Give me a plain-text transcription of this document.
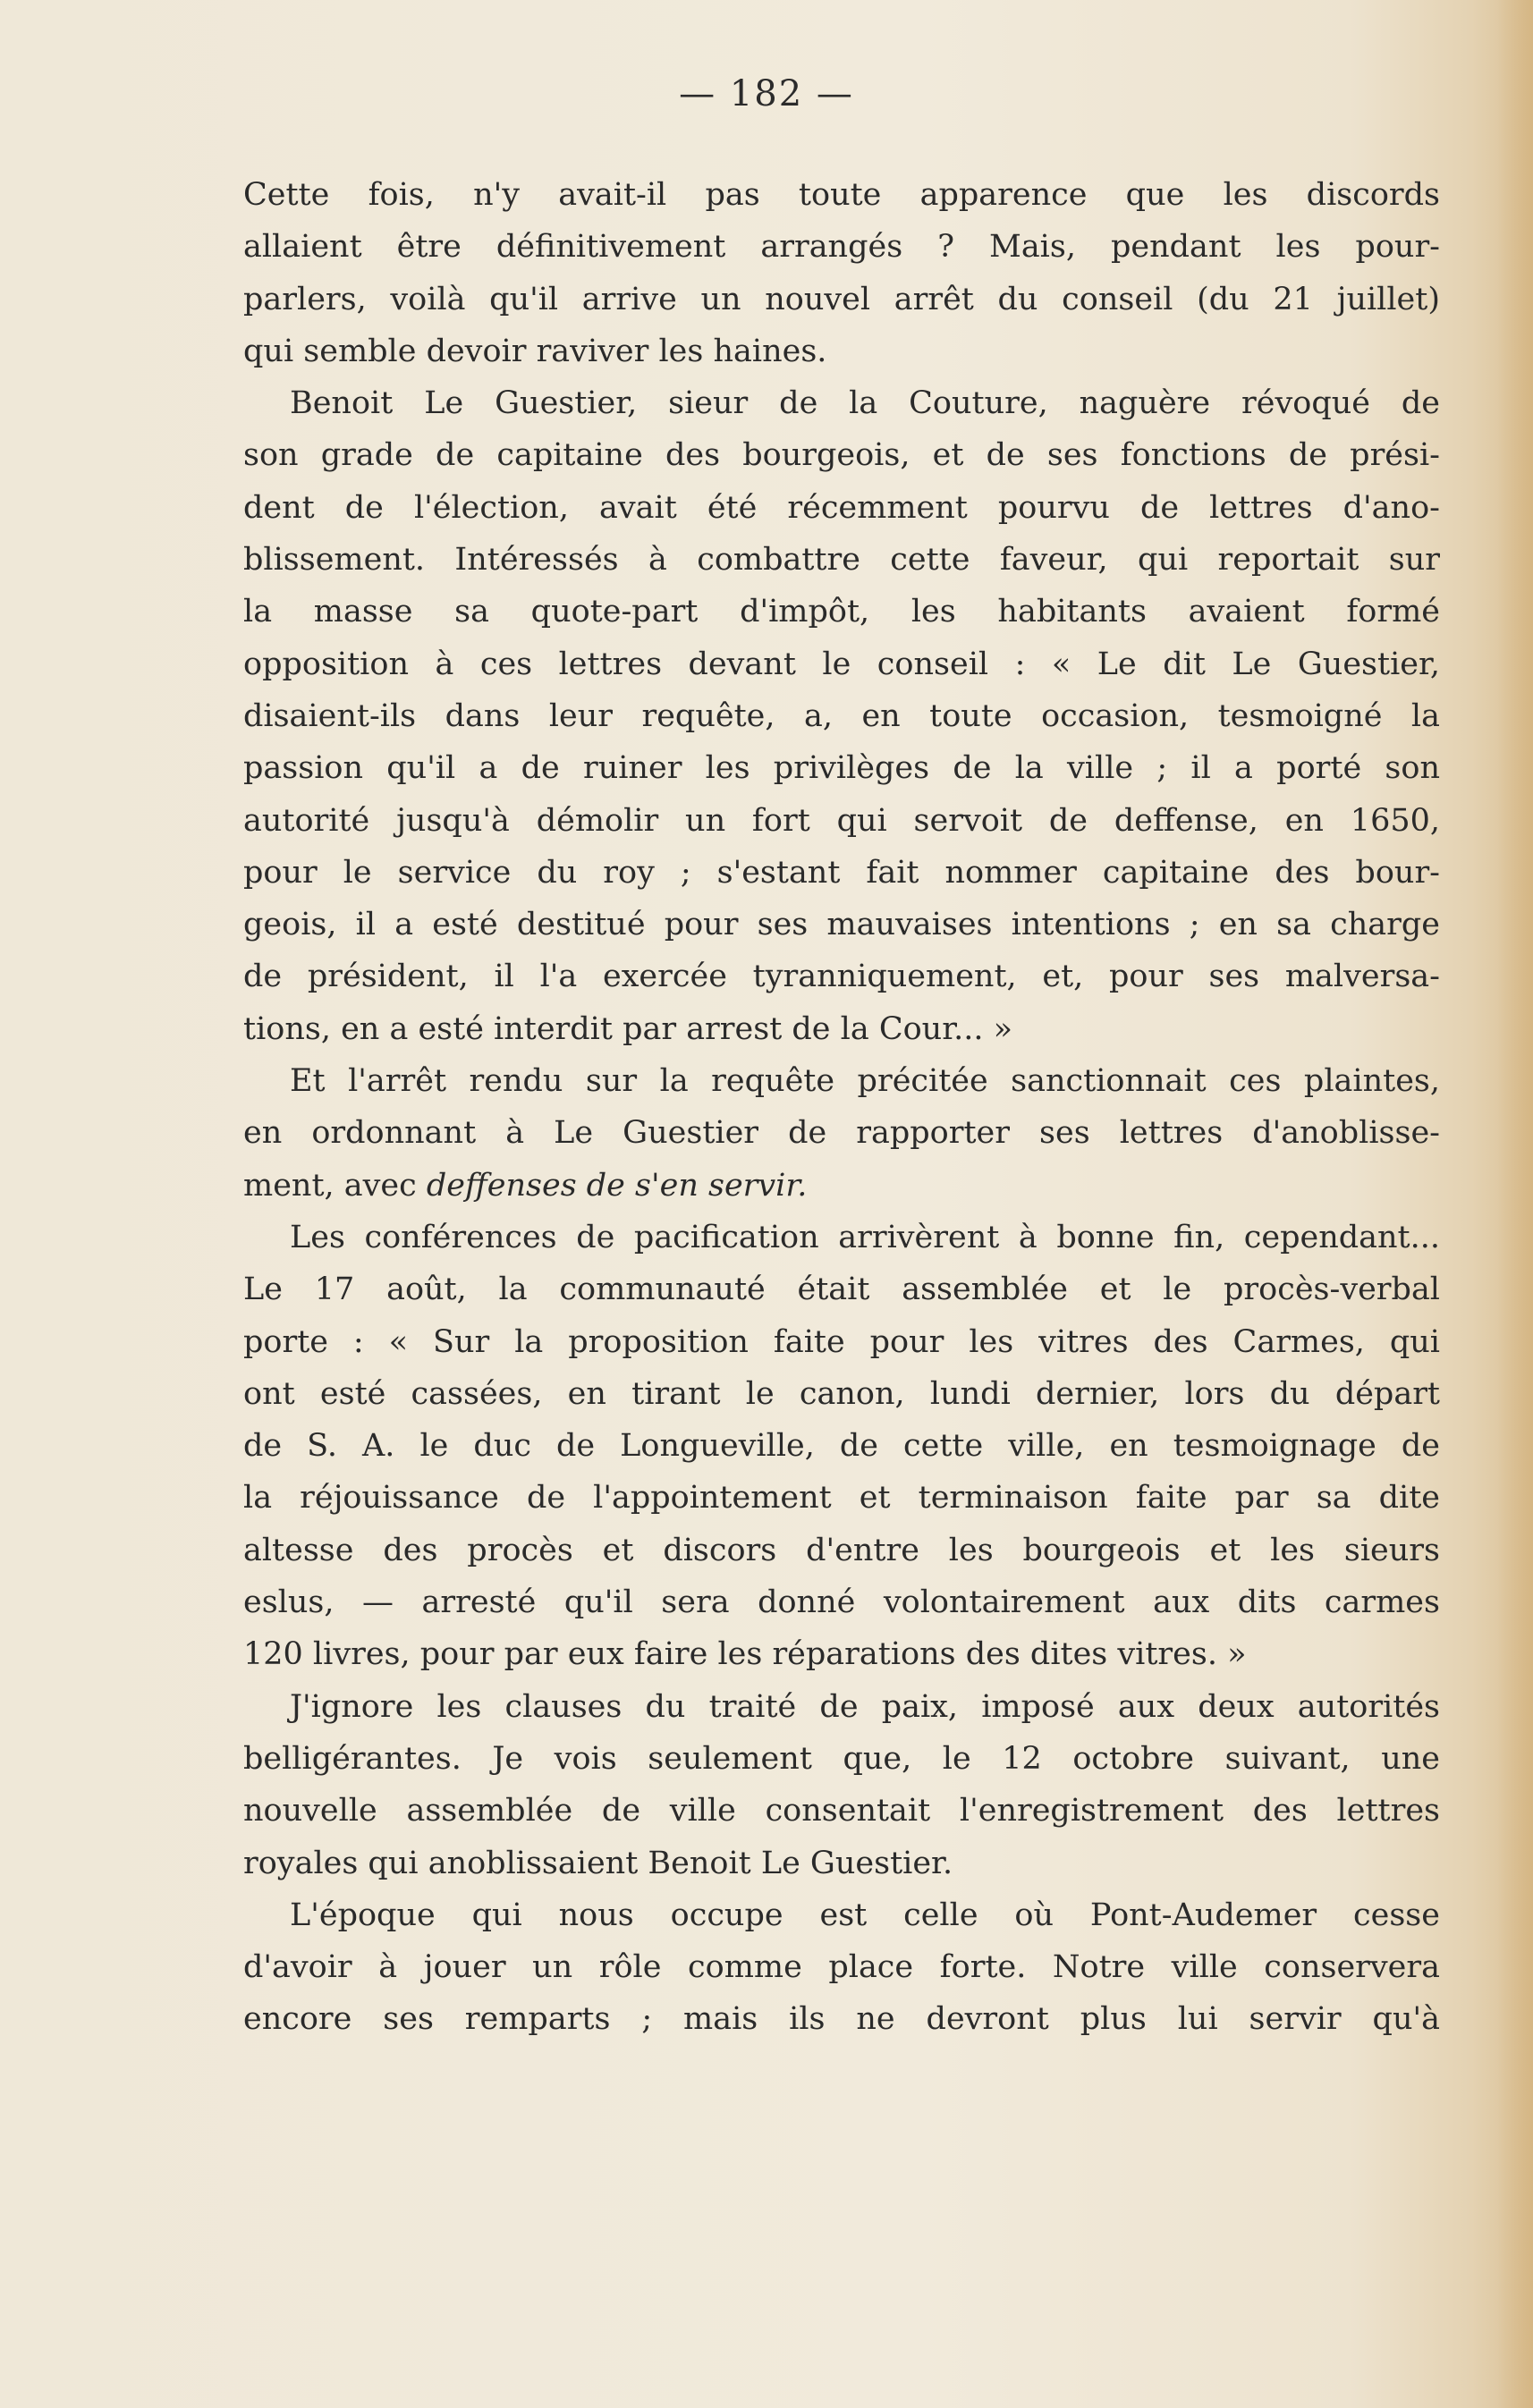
— 182 —
Cette fois, n'y avait-il pas toute apparence que les discords
allaient être définitivement arrangés ? Mais, pendant les pour-
parlers, voilà qu'il arrive un nouvel arrêt du conseil (du 21 juillet)
qui semble devoir raviver les haines.
Benoit Le Guestier, sieur de la Couture, naguère révoqué de
son grade de capitaine des bourgeois, et de ses fonctions de prési-
dent de l'élection, avait été récemment pourvu de lettres d'ano-
blissement. Intéressés à combattre cette faveur, qui reportait sur
la masse sa quote-part d'impôt, les habitants avaient formé
opposition à ces lettres devant le conseil : « Le dit Le Guestier,
disaient-ils dans leur requête, a, en toute occasion, tesmoigné la
passion qu'il a de ruiner les privilèges de la ville ; il a porté son
autorité jusqu'à démolir un fort qui servoit de deffense, en 1650,
pour le service du roy ; s'estant fait nommer capitaine des bour-
geois, il a esté destitué pour ses mauvaises intentions ; en sa charge
de président, il l'a exercée tyranniquement, et, pour ses malversa-
tions, en a esté interdit par arrest de la Cour... »
Et l'arrêt rendu sur la requête précitée sanctionnait ces plaintes,
en ordonnant à Le Guestier de rapporter ses lettres d'anoblisse-
ment, avec deffenses de s'en servir.
Les conférences de pacification arrivèrent à bonne fin, cependant...
Le 17 août, la communauté était assemblée et le procès-verbal
porte : « Sur la proposition faite pour les vitres des Carmes, qui
ont esté cassées, en tirant le canon, lundi dernier, lors du départ
de S. A. le duc de Longueville, de cette ville, en tesmoignage de
la réjouissance de l'appointement et terminaison faite par sa dite
altesse des procès et discors d'entre les bourgeois et les sieurs
eslus, — arresté qu'il sera donné volontairement aux dits carmes
120 livres, pour par eux faire les réparations des dites vitres. »
J'ignore les clauses du traité de paix, imposé aux deux autorités
belligérantes. Je vois seulement que, le 12 octobre suivant, une
nouvelle assemblée de ville consentait l'enregistrement des lettres
royales qui anoblissaient Benoit Le Guestier.
L'époque qui nous occupe est celle où Pont-Audemer cesse
d'avoir à jouer un rôle comme place forte. Notre ville conservera
encore ses remparts ; mais ils ne devront plus lui servir qu'à
